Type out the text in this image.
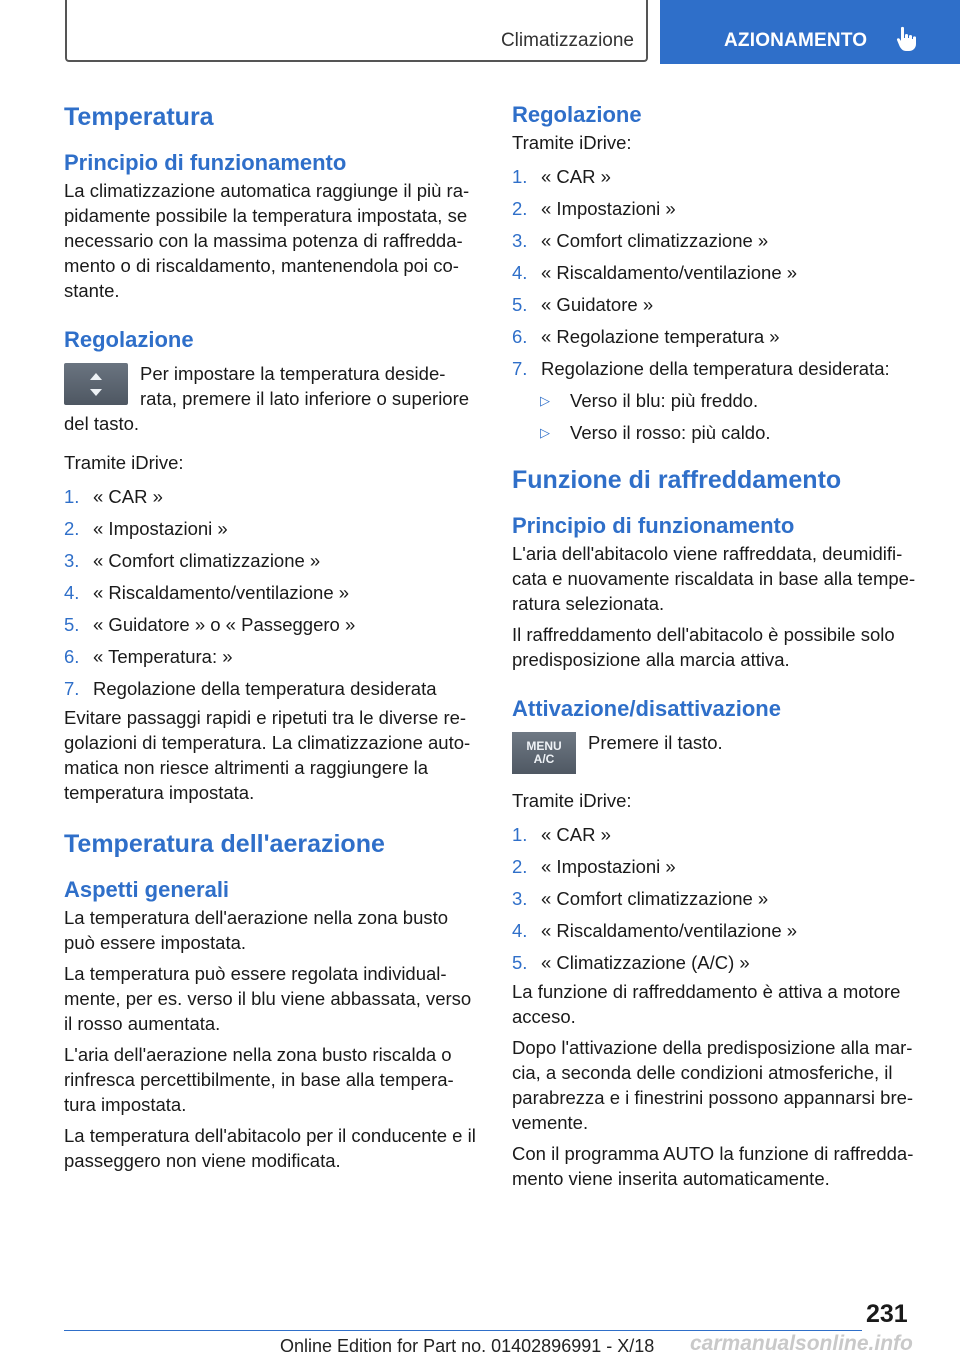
Climatizzazione	AZIONAMENTO
Temperatura
Principio di funzionamento

La climatizzazione automatica raggiunge il più ra-pidamente possibile la temperatura impostata, se necessario con la massima potenza di raffredda-mento o di riscaldamento, mantenendola poi co-stante.

Regolazione

Per impostare la temperatura deside-rata, premere il lato inferiore o superiore

del tasto.

Tramite iDrive:

1. « CAR »
2. « Impostazioni »
3. « Comfort climatizzazione »
4. « Riscaldamento/ventilazione »
5. « Guidatore » o « Passeggero »
6. « Temperatura: »
7. Regolazione della temperatura desiderata

Evitare passaggi rapidi e ripetuti tra le diverse re-golazioni di temperatura. La climatizzazione auto-matica non riesce altrimenti a raggiungere la temperatura impostata.

Temperatura dell'aerazione
Aspetti generali

La temperatura dell'aerazione nella zona busto può essere impostata.

La temperatura può essere regolata individual-mente, per es. verso il blu viene abbassata, verso il rosso aumentata.

L'aria dell'aerazione nella zona busto riscalda o rinfresca percettibilmente, in base alla tempera-tura impostata.

La temperatura dell'abitacolo per il conducente e il passeggero non viene modificata.

Regolazione

Tramite iDrive:

1. « CAR »
2. « Impostazioni »
3. « Comfort climatizzazione »
4. « Riscaldamento/ventilazione »
5. « Guidatore »
6. « Regolazione temperatura »
7. Regolazione della temperatura desiderata:
▷	Verso il blu: più freddo.
▷	Verso il rosso: più caldo.
Funzione di raffreddamento
Principio di funzionamento

L'aria dell'abitacolo viene raffreddata, deumidifi-cata e nuovamente riscaldata in base alla tempe-ratura selezionata.

Il raffreddamento dell'abitacolo è possibile solo predisposizione alla marcia attiva.

Attivazione/disattivazione
MENU
A/C

Premere il tasto.

Tramite iDrive:

1. « CAR »
2. « Impostazioni »
3. « Comfort climatizzazione »
4. « Riscaldamento/ventilazione »
5. « Climatizzazione (A/C) »

La funzione di raffreddamento è attiva a motore acceso.

Dopo l'attivazione della predisposizione alla mar-cia, a seconda delle condizioni atmosferiche, il parabrezza e i finestrini possono appannarsi bre-vemente.

Con il programma AUTO la funzione di raffredda-mento viene inserita automaticamente.

231
Online Edition for Part no. 01402896991 - X/18 carmanualsonline.info
